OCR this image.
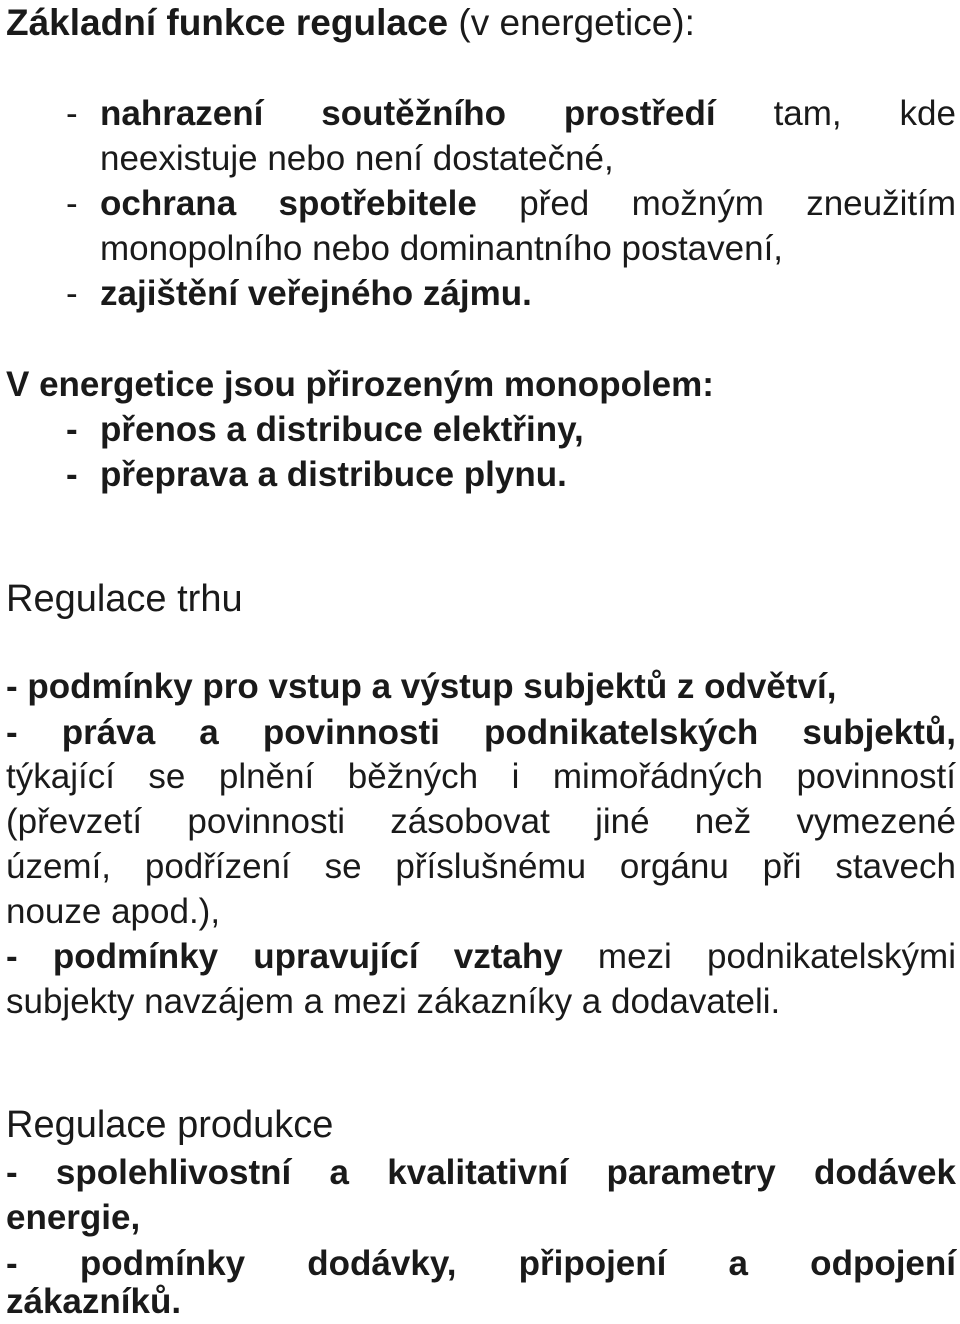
Základní funkce regulace (v energetice):
- nahrazení soutěžního prostředí tam, kde
neexistuje nebo není dostatečné,
- ochrana spotřebitele před možným zneužitím
monopolního nebo dominantního postavení,
- zajištění veřejného zájmu.
V energetice jsou přirozeným monopolem:
- přenos a distribuce elektřiny,
- přeprava a distribuce plynu.
Regulace trhu
- podmínky pro vstup a výstup subjektů z odvětví,
- práva a povinnosti podnikatelských subjektů,
týkající se plnění běžných i mimořádných povinností
(převzetí povinnosti zásobovat jiné než vymezené
území, podřízení se příslušnému orgánu při stavech
nouze apod.),
- podmínky upravující vztahy mezi podnikatelskými
subjekty navzájem a mezi zákazníky a dodavateli.
Regulace produkce
- spolehlivostní a kvalitativní parametry dodávek
energie,
- podmínky dodávky, připojení a odpojení
zákazníků.
